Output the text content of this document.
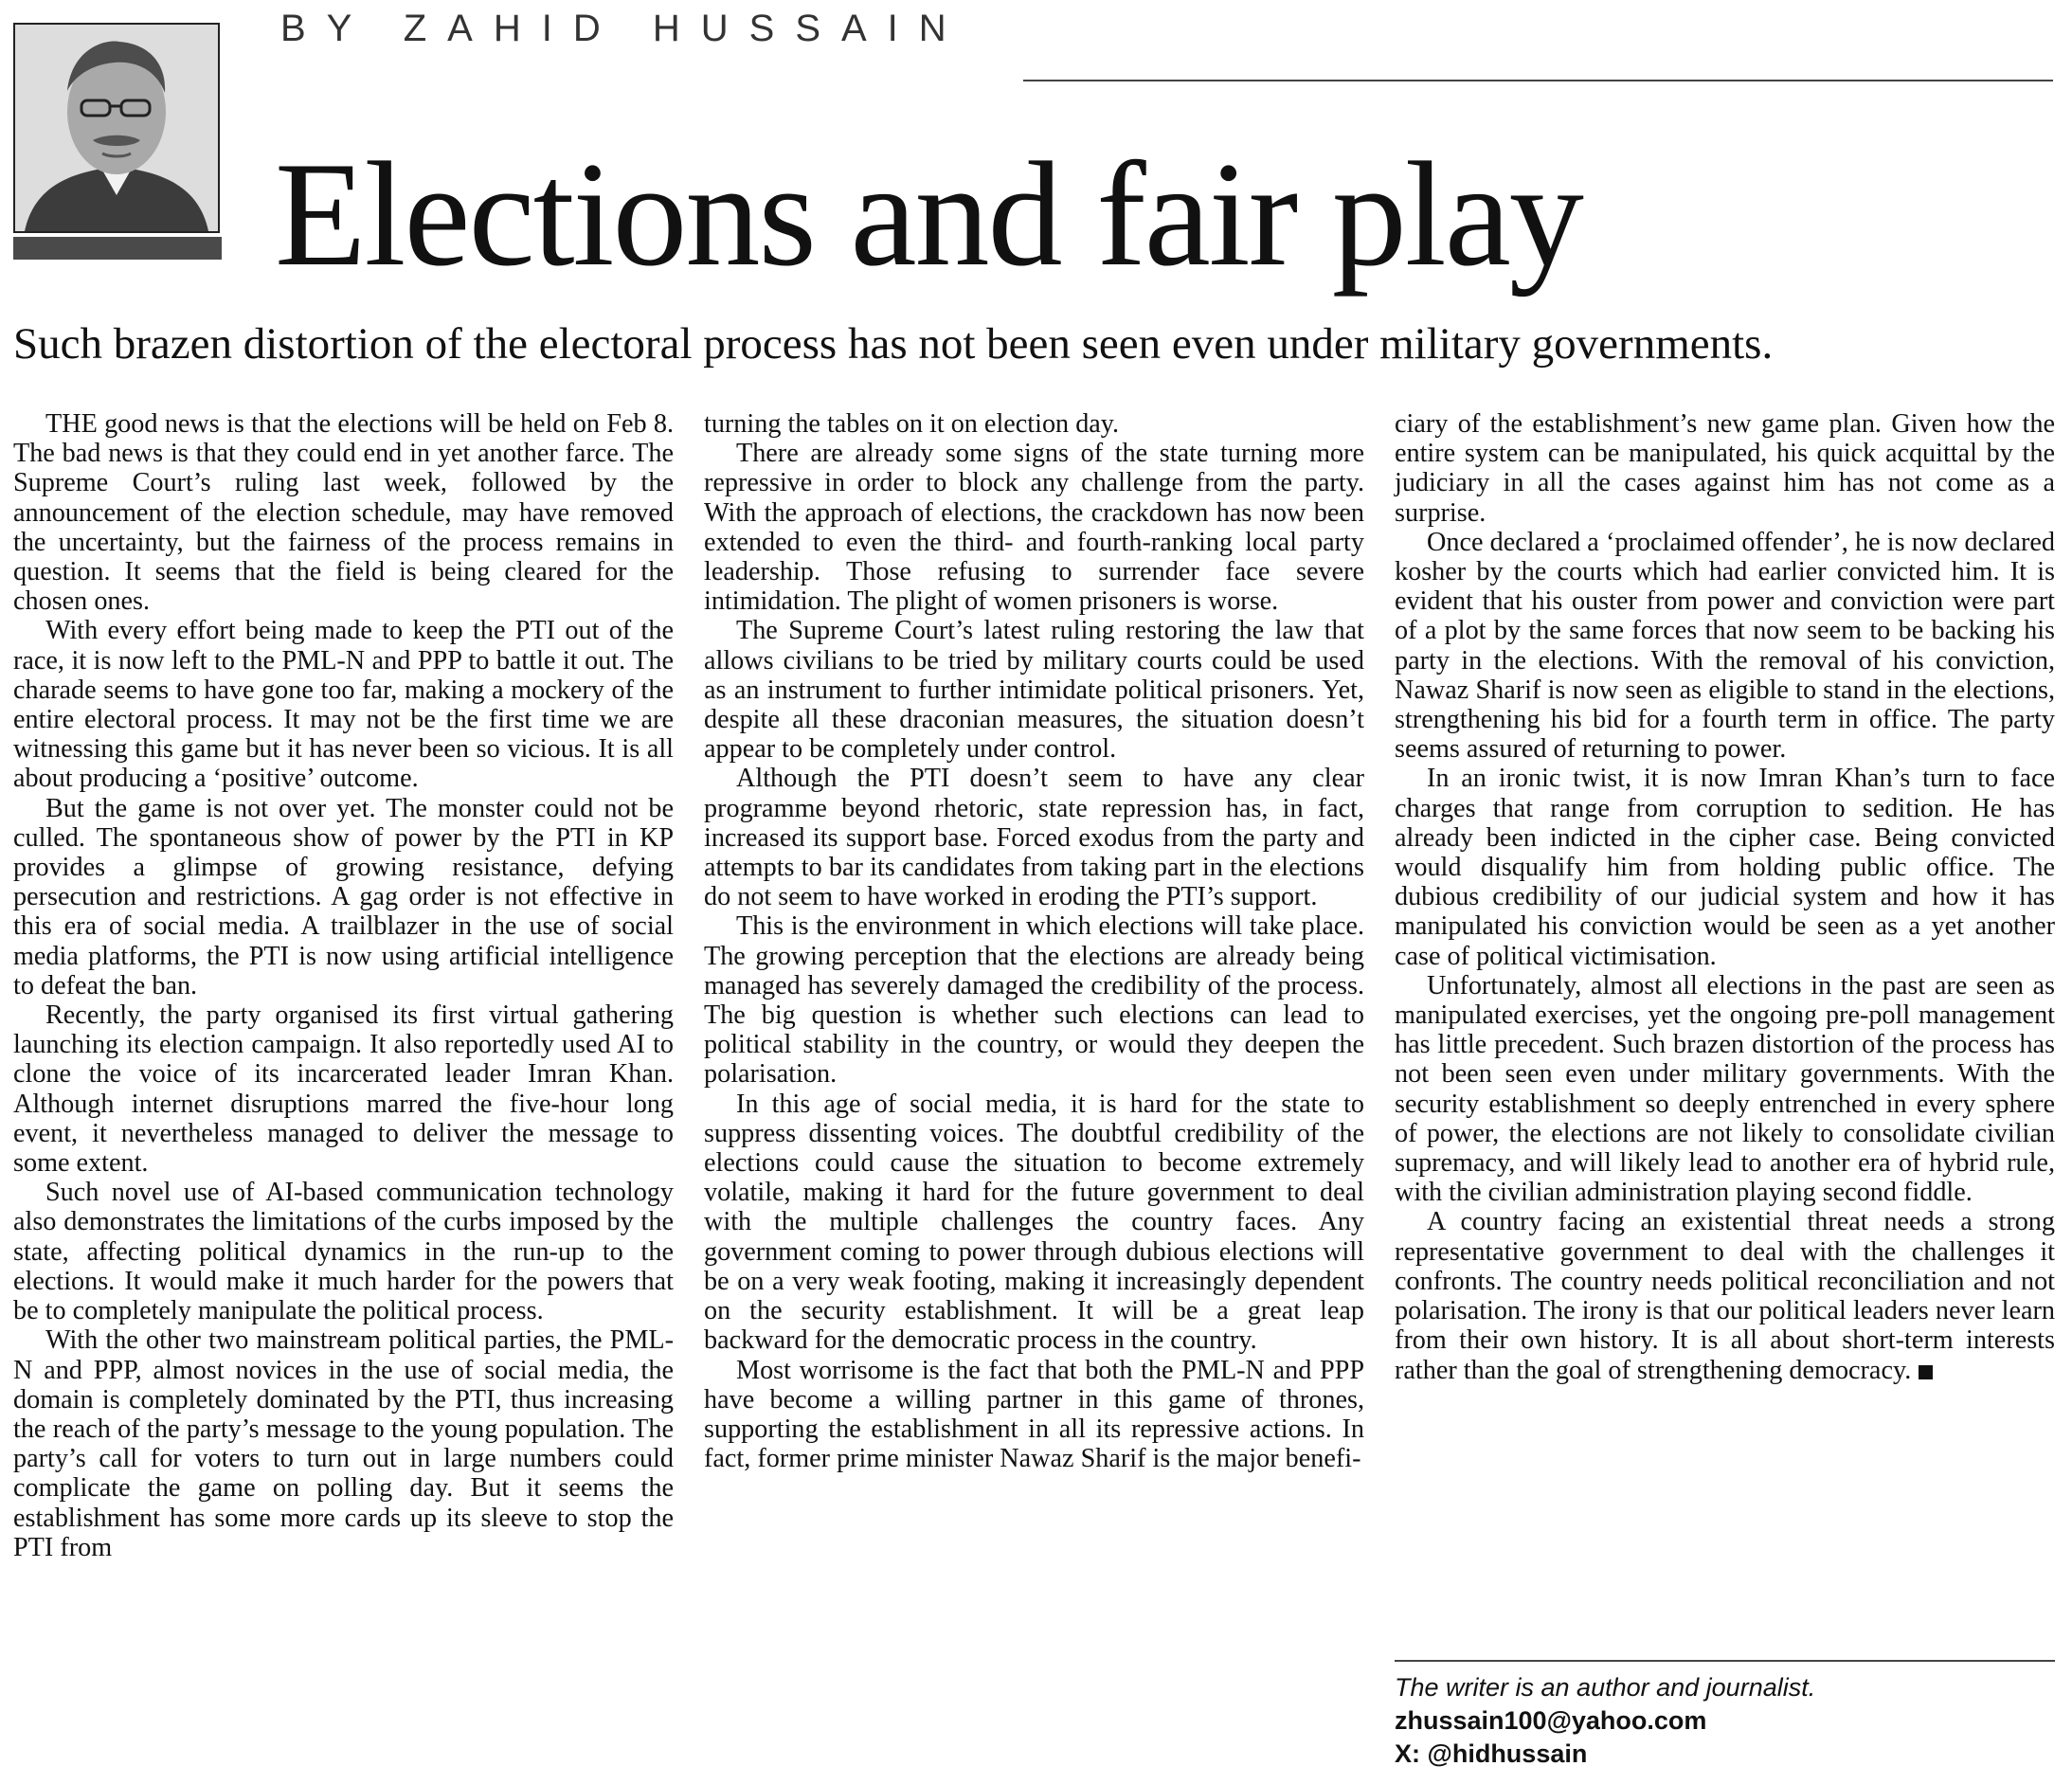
BY ZAHID HUSSAIN
Elections and fair play
Such brazen distortion of the electoral process has not been seen even under military governments.

THE good news is that the elections will be held on Feb 8. The bad news is that they could end in yet another farce. The Supreme Court’s ruling last week, followed by the announcement of the election schedule, may have removed the uncertainty, but the fairness of the process remains in question. It seems that the field is being cleared for the chosen ones.

With every effort being made to keep the PTI out of the race, it is now left to the PML-N and PPP to battle it out. The charade seems to have gone too far, making a mockery of the entire electoral process. It may not be the first time we are witnessing this game but it has never been so vicious. It is all about producing a ‘positive’ outcome.

But the game is not over yet. The monster could not be culled. The spontaneous show of power by the PTI in KP provides a glimpse of growing resistance, defying persecution and restrictions. A gag order is not effective in this era of social media. A trailblazer in the use of social media platforms, the PTI is now using artificial intelligence to defeat the ban.

Recently, the party organised its first virtual gathering launching its election campaign. It also reportedly used AI to clone the voice of its incarcerated leader Imran Khan. Although internet disruptions marred the five-hour long event, it nevertheless managed to deliver the message to some extent.

Such novel use of AI-based communication technology also demonstrates the limitations of the curbs imposed by the state, affecting political dynamics in the run-up to the elections. It would make it much harder for the powers that be to completely manipulate the political process.

With the other two mainstream political parties, the PML-N and PPP, almost novices in the use of social media, the domain is completely dominated by the PTI, thus increasing the reach of the party’s message to the young population. The party’s call for voters to turn out in large numbers could complicate the game on polling day. But it seems the establishment has some more cards up its sleeve to stop the PTI from

turning the tables on it on election day.

There are already some signs of the state turning more repressive in order to block any challenge from the party. With the approach of elections, the crackdown has now been extended to even the third- and fourth-ranking local party leadership. Those refusing to surrender face severe intimidation. The plight of women prisoners is worse.

The Supreme Court’s latest ruling restoring the law that allows civilians to be tried by military courts could be used as an instrument to further intimidate political prisoners. Yet, despite all these draconian measures, the situation doesn’t appear to be completely under control.

Although the PTI doesn’t seem to have any clear programme beyond rhetoric, state repression has, in fact, increased its support base. Forced exodus from the party and attempts to bar its candidates from taking part in the elections do not seem to have worked in eroding the PTI’s support.

This is the environment in which elections will take place. The growing perception that the elections are already being managed has severely damaged the credibility of the process. The big question is whether such elections can lead to political stability in the country, or would they deepen the polarisation.

In this age of social media, it is hard for the state to suppress dissenting voices. The doubtful credibility of the elections could cause the situation to become extremely volatile, making it hard for the future government to deal with the multiple challenges the country faces. Any government coming to power through dubious elections will be on a very weak footing, making it increasingly dependent on the security establishment. It will be a great leap backward for the democratic process in the country.

Most worrisome is the fact that both the PML-N and PPP have become a willing partner in this game of thrones, supporting the establishment in all its repressive actions. In fact, former prime minister Nawaz Sharif is the major benefi-

ciary of the establishment’s new game plan. Given how the entire system can be manipulated, his quick acquittal by the judiciary in all the cases against him has not come as a surprise.

Once declared a ‘proclaimed offender’, he is now declared kosher by the courts which had earlier convicted him. It is evident that his ouster from power and conviction were part of a plot by the same forces that now seem to be backing his party in the elections. With the removal of his conviction, Nawaz Sharif is now seen as eligible to stand in the elections, strengthening his bid for a fourth term in office. The party seems assured of returning to power.

In an ironic twist, it is now Imran Khan’s turn to face charges that range from corruption to sedition. He has already been indicted in the cipher case. Being convicted would disqualify him from holding public office. The dubious credibility of our judicial system and how it has manipulated his conviction would be seen as a yet another case of political victimisation.

Unfortunately, almost all elections in the past are seen as manipulated exercises, yet the ongoing pre-poll management has little precedent. Such brazen distortion of the process has not been seen even under military governments. With the security establishment so deeply entrenched in every sphere of power, the elections are not likely to consolidate civilian supremacy, and will likely lead to another era of hybrid rule, with the civilian administration playing second fiddle.

A country facing an existential threat needs a strong representative government to deal with the challenges it confronts. The country needs political reconciliation and not polarisation. The irony is that our political leaders never learn from their own history. It is all about short-term interests rather than the goal of strengthening democracy.

The writer is an author and journalist.
zhussain100@yahoo.com
X: @hidhussain
